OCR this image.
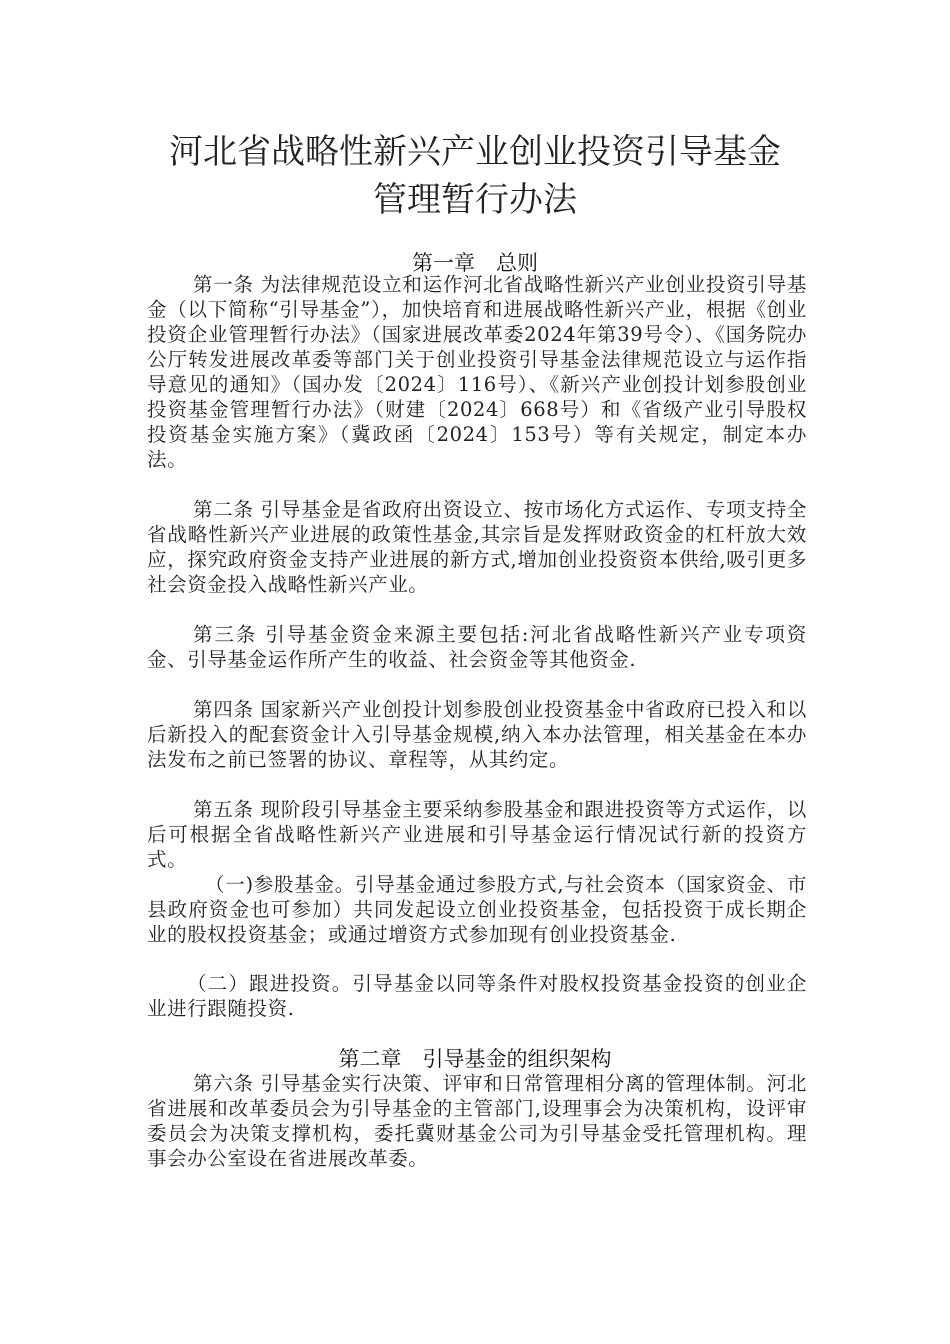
河北省战略性新兴产业创业投资引导基金
管理暂行办法
第一章　总则
第一条 为法律规范设立和运作河北省战略性新兴产业创业投资引导基金（以下简称“引导基金”），加快培育和进展战略性新兴产业，根据《创业投资企业管理暂行办法》（国家进展改革委2024年第39号令）、《国务院办公厅转发进展改革委等部门关于创业投资引导基金法律规范设立与运作指导意见的通知》（国办发〔2024〕116号）、《新兴产业创投计划参股创业投资基金管理暂行办法》（财建〔2024〕668号）和《省级产业引导股权投资基金实施方案》（冀政函〔2024〕153号）等有关规定，制定本办法。
第二条 引导基金是省政府出资设立、按市场化方式运作、专项支持全省战略性新兴产业进展的政策性基金,其宗旨是发挥财政资金的杠杆放大效应，探究政府资金支持产业进展的新方式,增加创业投资资本供给,吸引更多社会资金投入战略性新兴产业。
第三条 引导基金资金来源主要包括:河北省战略性新兴产业专项资金、引导基金运作所产生的收益、社会资金等其他资金.
第四条 国家新兴产业创投计划参股创业投资基金中省政府已投入和以后新投入的配套资金计入引导基金规模,纳入本办法管理，相关基金在本办法发布之前已签署的协议、章程等，从其约定。
第五条 现阶段引导基金主要采纳参股基金和跟进投资等方式运作，以后可根据全省战略性新兴产业进展和引导基金运行情况试行新的投资方式。
（一)参股基金。引导基金通过参股方式,与社会资本（国家资金、市县政府资金也可参加）共同发起设立创业投资基金，包括投资于成长期企业的股权投资基金；或通过增资方式参加现有创业投资基金.
（二）跟进投资。引导基金以同等条件对股权投资基金投资的创业企业进行跟随投资.
第二章　引导基金的组织架构
第六条 引导基金实行决策、评审和日常管理相分离的管理体制。河北省进展和改革委员会为引导基金的主管部门,设理事会为决策机构，设评审委员会为决策支撑机构，委托冀财基金公司为引导基金受托管理机构。理事会办公室设在省进展改革委。
